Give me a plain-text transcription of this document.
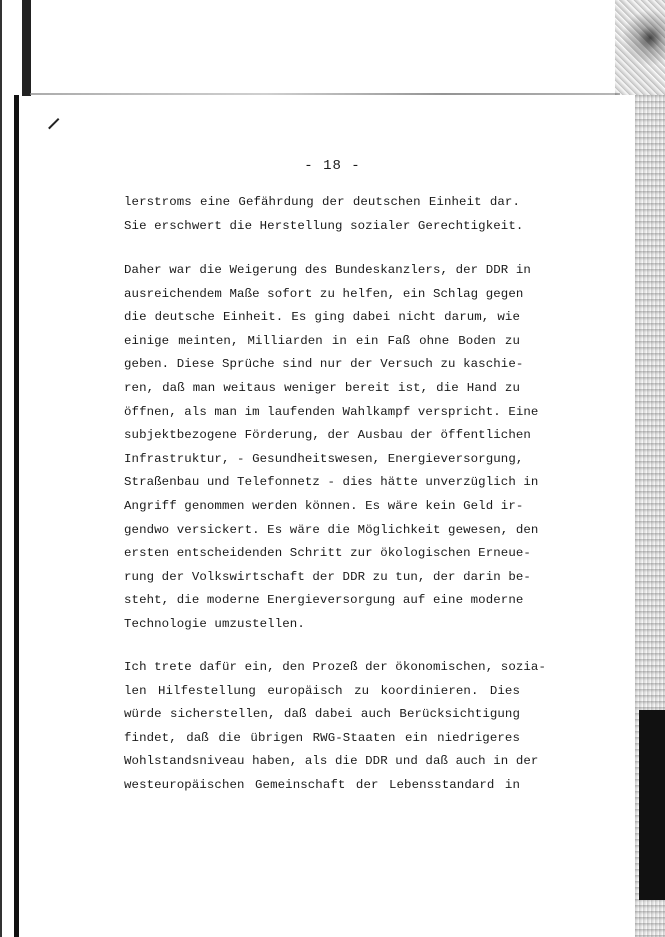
- 18 -
lerstroms eine Gefährdung der deutschen Einheit dar.
Sie erschwert die Herstellung sozialer Gerechtigkeit.
Daher war die Weigerung des Bundeskanzlers, der DDR in
ausreichendem Maße sofort zu helfen, ein Schlag gegen
die deutsche Einheit. Es ging dabei nicht darum, wie
einige meinten, Milliarden in ein Faß ohne Boden zu
geben. Diese Sprüche sind nur der Versuch zu kaschie-
ren, daß man weitaus weniger bereit ist, die Hand zu
öffnen, als man im laufenden Wahlkampf verspricht. Eine
subjektbezogene Förderung, der Ausbau der öffentlichen
Infrastruktur, - Gesundheitswesen, Energieversorgung,
Straßenbau und Telefonnetz - dies hätte unverzüglich in
Angriff genommen werden können. Es wäre kein Geld ir-
gendwo versickert. Es wäre die Möglichkeit gewesen, den
ersten entscheidenden Schritt zur ökologischen Erneue-
rung der Volkswirtschaft der DDR zu tun, der darin be-
steht, die moderne Energieversorgung auf eine moderne
Technologie umzustellen.
Ich trete dafür ein, den Prozeß der ökonomischen, sozia-
len Hilfestellung europäisch zu koordinieren. Dies
würde sicherstellen, daß dabei auch Berücksichtigung
findet, daß die übrigen RWG-Staaten ein niedrigeres
Wohlstandsniveau haben, als die DDR und daß auch in der
westeuropäischen Gemeinschaft der Lebensstandard in
